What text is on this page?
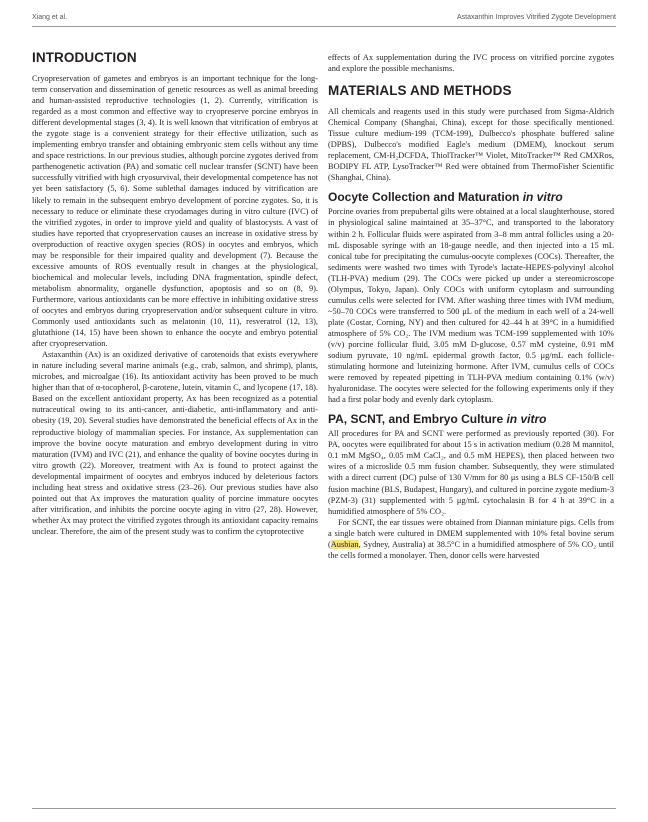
Xiang et al.	Astaxanthin Improves Vitrified Zygote Development
INTRODUCTION

Cryopreservation of gametes and embryos is an important technique for the long-term conservation and dissemination of genetic resources as well as animal breeding and human-assisted reproductive technologies (1, 2). Currently, vitrification is regarded as a most common and effective way to cryopreserve porcine embryos in different developmental stages (3, 4). It is well known that vitrification of embryos at the zygote stage is a convenient strategy for their effective utilization, such as implementing embryo transfer and obtaining embryonic stem cells without any time and space restrictions. In our previous studies, although porcine zygotes derived from parthenogenetic activation (PA) and somatic cell nuclear transfer (SCNT) have been successfully vitrified with high cryosurvival, their developmental competence has not yet been satisfactory (5, 6). Some sublethal damages induced by vitrification are likely to remain in the subsequent embryo development of porcine zygotes. So, it is necessary to reduce or eliminate these cryodamages during in vitro culture (IVC) of the vitrified zygotes, in order to improve yield and quality of blastocysts. A vast of studies have reported that cryopreservation causes an increase in oxidative stress by overproduction of reactive oxygen species (ROS) in oocytes and embryos, which may be responsible for their impaired quality and development (7). Because the excessive amounts of ROS eventually result in changes at the physiological, biochemical and molecular levels, including DNA fragmentation, spindle defect, metabolism abnormality, organelle dysfunction, apoptosis and so on (8, 9). Furthermore, various antioxidants can be more effective in inhibiting oxidative stress of oocytes and embryos during cryopreservation and/or subsequent culture in vitro. Commonly used antioxidants such as melatonin (10, 11), resveratrol (12, 13), glutathione (14, 15) have been shown to enhance the oocyte and embryo potential after cryopreservation.

Astaxanthin (Ax) is an oxidized derivative of carotenoids that exists everywhere in nature including several marine animals (e.g., crab, salmon, and shrimp), plants, microbes, and microalgae (16). Its antioxidant activity has been proved to be much higher than that of α-tocopherol, β-carotene, lutein, vitamin C, and lycopene (17, 18). Based on the excellent antioxidant property, Ax has been recognized as a potential nutraceutical owing to its anti-cancer, anti-diabetic, anti-inflammatory and anti-obesity (19, 20). Several studies have demonstrated the beneficial effects of Ax in the reproductive biology of mammalian species. For instance, Ax supplementation can improve the bovine oocyte maturation and embryo development during in vitro maturation (IVM) and IVC (21), and enhance the quality of bovine oocytes during in vitro growth (22). Moreover, treatment with Ax is found to protect against the developmental impairment of oocytes and embryos induced by deleterious factors including heat stress and oxidative stress (23–26). Our previous studies have also pointed out that Ax improves the maturation quality of porcine immature oocytes after vitrification, and inhibits the porcine oocyte aging in vitro (27, 28). However, whether Ax may protect the vitrified zygotes through its antioxidant capacity remains unclear. Therefore, the aim of the present study was to confirm the cytoprotective

effects of Ax supplementation during the IVC process on vitrified porcine zygotes and explore the possible mechanisms.

MATERIALS AND METHODS

All chemicals and reagents used in this study were purchased from Sigma-Aldrich Chemical Company (Shanghai, China), except for those specifically mentioned. Tissue culture medium-199 (TCM-199), Dulbecco's phosphate buffered saline (DPBS), Dulbecco's modified Eagle's medium (DMEM), knockout serum replacement, CM-H₂DCFDA, ThiolTracker™ Violet, MitoTracker™ Red CMXRos, BODIPY FL ATP, LysoTracker™ Red were obtained from ThermoFisher Scientific (Shanghai, China).

Oocyte Collection and Maturation in vitro

Porcine ovaries from prepubertal gilts were obtained at a local slaughterhouse, stored in physiological saline maintained at 35–37°C, and transported to the laboratory within 2 h. Follicular fluids were aspirated from 3–8 mm antral follicles using a 20-mL disposable syringe with an 18-gauge needle, and then injected into a 15 mL conical tube for precipitating the cumulus-oocyte complexes (COCs). Thereafter, the sediments were washed two times with Tyrode's lactate-HEPES-polyvinyl alcohol (TLH-PVA) medium (29). The COCs were picked up under a stereomicroscope (Olympus, Tokyo, Japan). Only COCs with uniform cytoplasm and surrounding cumulus cells were selected for IVM. After washing three times with IVM medium, ~50–70 COCs were transferred to 500 μL of the medium in each well of a 24-well plate (Costar, Corning, NY) and then cultured for 42–44 h at 39°C in a humidified atmosphere of 5% CO₂. The IVM medium was TCM-199 supplemented with 10% (v/v) porcine follicular fluid, 3.05 mM D-glucose, 0.57 mM cysteine, 0.91 mM sodium pyruvate, 10 ng/mL epidermal growth factor, 0.5 μg/mL each follicle-stimulating hormone and luteinizing hormone. After IVM, cumulus cells of COCs were removed by repeated pipetting in TLH-PVA medium containing 0.1% (w/v) hyaluronidase. The oocytes were selected for the following experiments only if they had a first polar body and evenly dark cytoplasm.

PA, SCNT, and Embryo Culture in vitro

All procedures for PA and SCNT were performed as previously reported (30). For PA, oocytes were equilibrated for about 15 s in activation medium (0.28 M mannitol, 0.1 mM MgSO₄, 0.05 mM CaCl₂, and 0.5 mM HEPES), then placed between two wires of a microslide 0.5 mm fusion chamber. Subsequently, they were stimulated with a direct current (DC) pulse of 130 V/mm for 80 μs using a BLS CF-150/B cell fusion machine (BLS, Budapest, Hungary), and cultured in porcine zygote medium-3 (PZM-3) (31) supplemented with 5 μg/mL cytochalasin B for 4 h at 39°C in a humidified atmosphere of 5% CO₂.

For SCNT, the ear tissues were obtained from Diannan miniature pigs. Cells from a single batch were cultured in DMEM supplemented with 10% fetal bovine serum (Ausbian, Sydney, Australia) at 38.5°C in a humidified atmosphere of 5% CO₂ until the cells formed a monolayer. Then, donor cells were harvested
